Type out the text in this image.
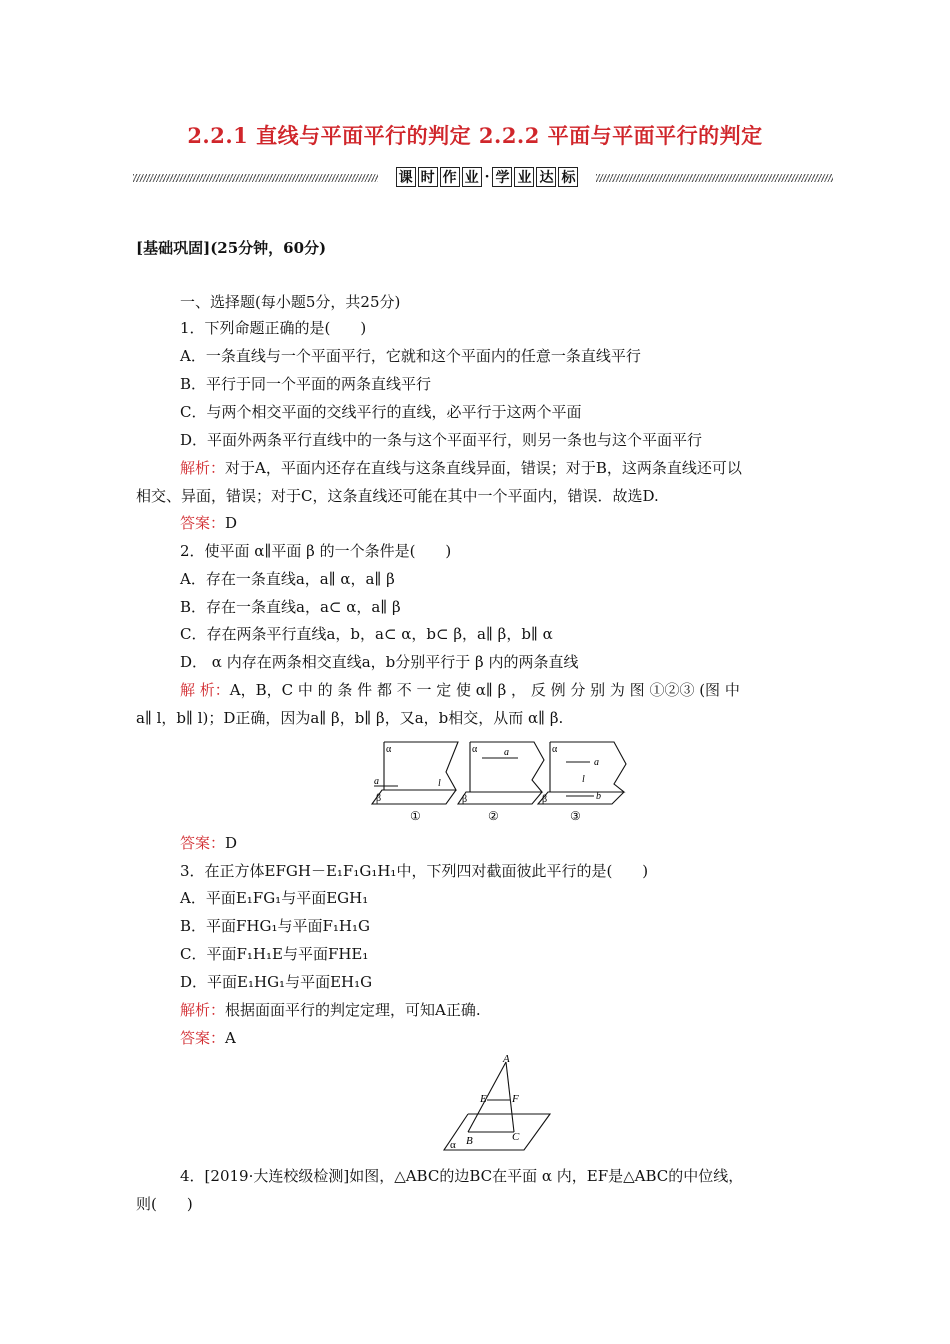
2.2.1 直线与平面平行的判定 2.2.2 平面与平面平行的判定
课 时 作 业 · 学 业 达 标
[基础巩固](25分钟，60分)
一、选择题(每小题5分，共25分)
1．下列命题正确的是(　　)
A．一条直线与一个平面平行，它就和这个平面内的任意一条直线平行
B．平行于同一个平面的两条直线平行
C．与两个相交平面的交线平行的直线，必平行于这两个平面
D．平面外两条平行直线中的一条与这个平面平行，则另一条也与这个平面平行
解析：对于A，平面内还存在直线与这条直线异面，错误；对于B，这两条直线还可以
相交、异面，错误；对于C，这条直线还可能在其中一个平面内，错误．故选D.
答案：D
2．使平面 α∥平面 β 的一个条件是(　　)
A．存在一条直线a，a∥ α，a∥ β
B．存在一条直线a，a⊂ α，a∥ β
C．存在两条平行直线a，b，a⊂ α，b⊂ β，a∥ β，b∥ α
D． α 内存在两条相交直线a，b分别平行于 β 内的两条直线
解 析：A，B，C 中 的 条 件 都 不 一 定 使 α∥ β ， 反 例 分 别 为 图 ①②③ (图 中
a∥ l，b∥ l)；D正确，因为a∥ β，b∥ β，又a，b相交，从而 α∥ β.
α
a	l
β
①
α	a
β
②
α
a
l
b
β
③
答案：D
3．在正方体EFGH－E₁F₁G₁H₁中，下列四对截面彼此平行的是(　　)
A．平面E₁FG₁与平面EGH₁
B．平面FHG₁与平面F₁H₁G
C．平面F₁H₁E与平面FHE₁
D．平面E₁HG₁与平面EH₁G
解析：根据面面平行的判定定理，可知A正确.
答案：A
A
E F
B	C
α
4．[2019·大连校级检测]如图，△ABC的边BC在平面 α 内，EF是△ABC的中位线，
则(　　)
